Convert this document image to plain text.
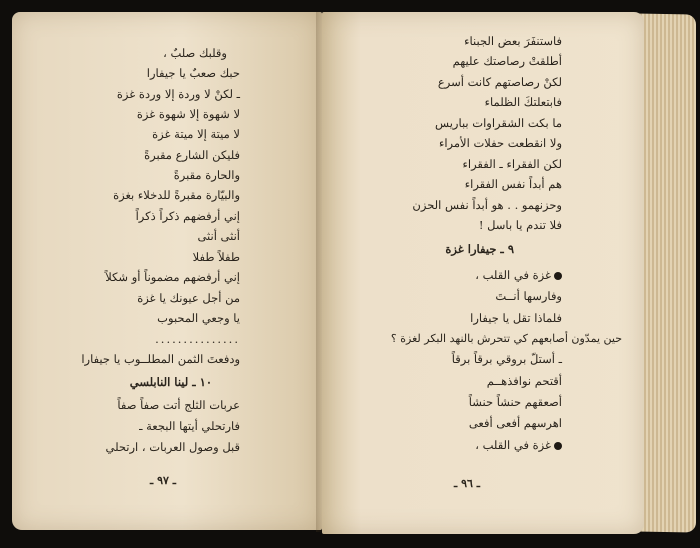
وقلبك صلبٌ ،
حبك صعبٌ يا جيفارا
ـ لكنْ لا وردة إلا وردة غزة
لا شهوة إلا شهوة غزة
لا ميتة إلا ميتة غزة
فليكن الشارع مقبرةً
والحارة مقبرةً
والبيّارة مقبرةً للدخلاء بغزة
إني أرفضهم ذكراً ذكراً
أنثى أنثى
طفلاً طفلا
إني أرفضهم مضموناً أو شكلاً
من أجل عيونك يا غزة
يا وجعي المحبوب
...............
ودفعتَ الثمن المطلــوب يا جيفارا
١٠ ـ لينا النابلسي
عربات الثلج أتت صفاً صفاً
فارتحلي أيتها البجعة ـ
قبل وصول العربات ، ارتحلي
ـ ٩٧ ـ
فاستنفَرَ بعض الجبناء
أطلقتْ رصاصتك عليهم
لكنْ رصاصتهم كانت أسرع
فابتعلتكَ الظلماء
ما بكت الشقراوات بباريس
ولا انقطعت حفلات الأمراء
لكن الفقراء ـ الفقراء
هم أبداً نفس الفقراء
وحزنهمو . . هو أبداً نفس الحزن
فلا تندم يا باسل !
٩ ـ جيفارا غزة
غزة في القلب ،
وفارسها أنــتَ
فلماذا تقل يا جيفارا
حين يمدّون أصابعهم كي تتحرش بالنهد البكر لغزة ؟
ـ أستلّ بروقي برقاً برقاً
أقتحم نوافذهــم
أصعقهم حنشاً حنشاً
اهرسهم أفعى أفعى
غزة في القلب ،
ـ ٩٦ ـ
